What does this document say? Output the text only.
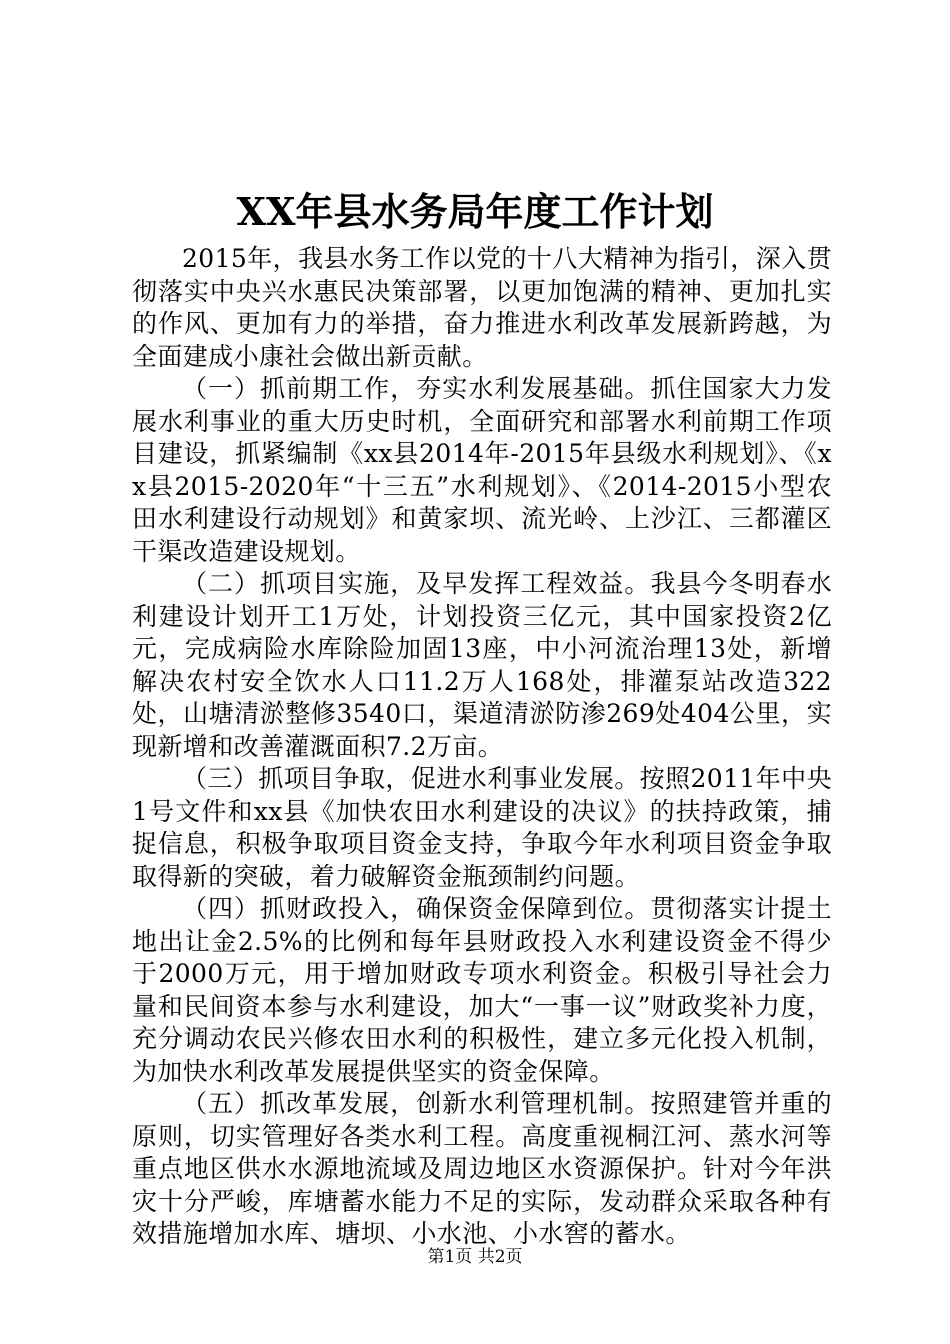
XX年县水务局年度工作计划

2015年，我县水务工作以党的十八大精神为指引，深入贯彻落实中央兴水惠民决策部署，以更加饱满的精神、更加扎实的作风、更加有力的举措，奋力推进水利改革发展新跨越，为全面建成小康社会做出新贡献。

（一）抓前期工作，夯实水利发展基础。抓住国家大力发展水利事业的重大历史时机，全面研究和部署水利前期工作项目建设，抓紧编制《xx县2014年-2015年县级水利规划》、《xx县2015-2020年“十三五”水利规划》、《2014-2015小型农田水利建设行动规划》和黄家坝、流光岭、上沙江、三都灌区干渠改造建设规划。

（二）抓项目实施，及早发挥工程效益。我县今冬明春水利建设计划开工1万处，计划投资三亿元，其中国家投资2亿元，完成病险水库除险加固13座，中小河流治理13处，新增解决农村安全饮水人口11.2万人168处，排灌泵站改造322处，山塘清淤整修3540口，渠道清淤防渗269处404公里，实现新增和改善灌溉面积7.2万亩。

（三）抓项目争取，促进水利事业发展。按照2011年中央1号文件和xx县《加快农田水利建设的决议》的扶持政策，捕捉信息，积极争取项目资金支持，争取今年水利项目资金争取取得新的突破，着力破解资金瓶颈制约问题。

（四）抓财政投入，确保资金保障到位。贯彻落实计提土地出让金2.5%的比例和每年县财政投入水利建设资金不得少于2000万元，用于增加财政专项水利资金。积极引导社会力量和民间资本参与水利建设，加大“一事一议”财政奖补力度，充分调动农民兴修农田水利的积极性，建立多元化投入机制，为加快水利改革发展提供坚实的资金保障。

（五）抓改革发展，创新水利管理机制。按照建管并重的原则，切实管理好各类水利工程。高度重视桐江河、蒸水河等重点地区供水水源地流域及周边地区水资源保护。针对今年洪灾十分严峻，库塘蓄水能力不足的实际，发动群众采取各种有效措施增加水库、塘坝、小水池、小水窖的蓄水。

第1页 共2页
